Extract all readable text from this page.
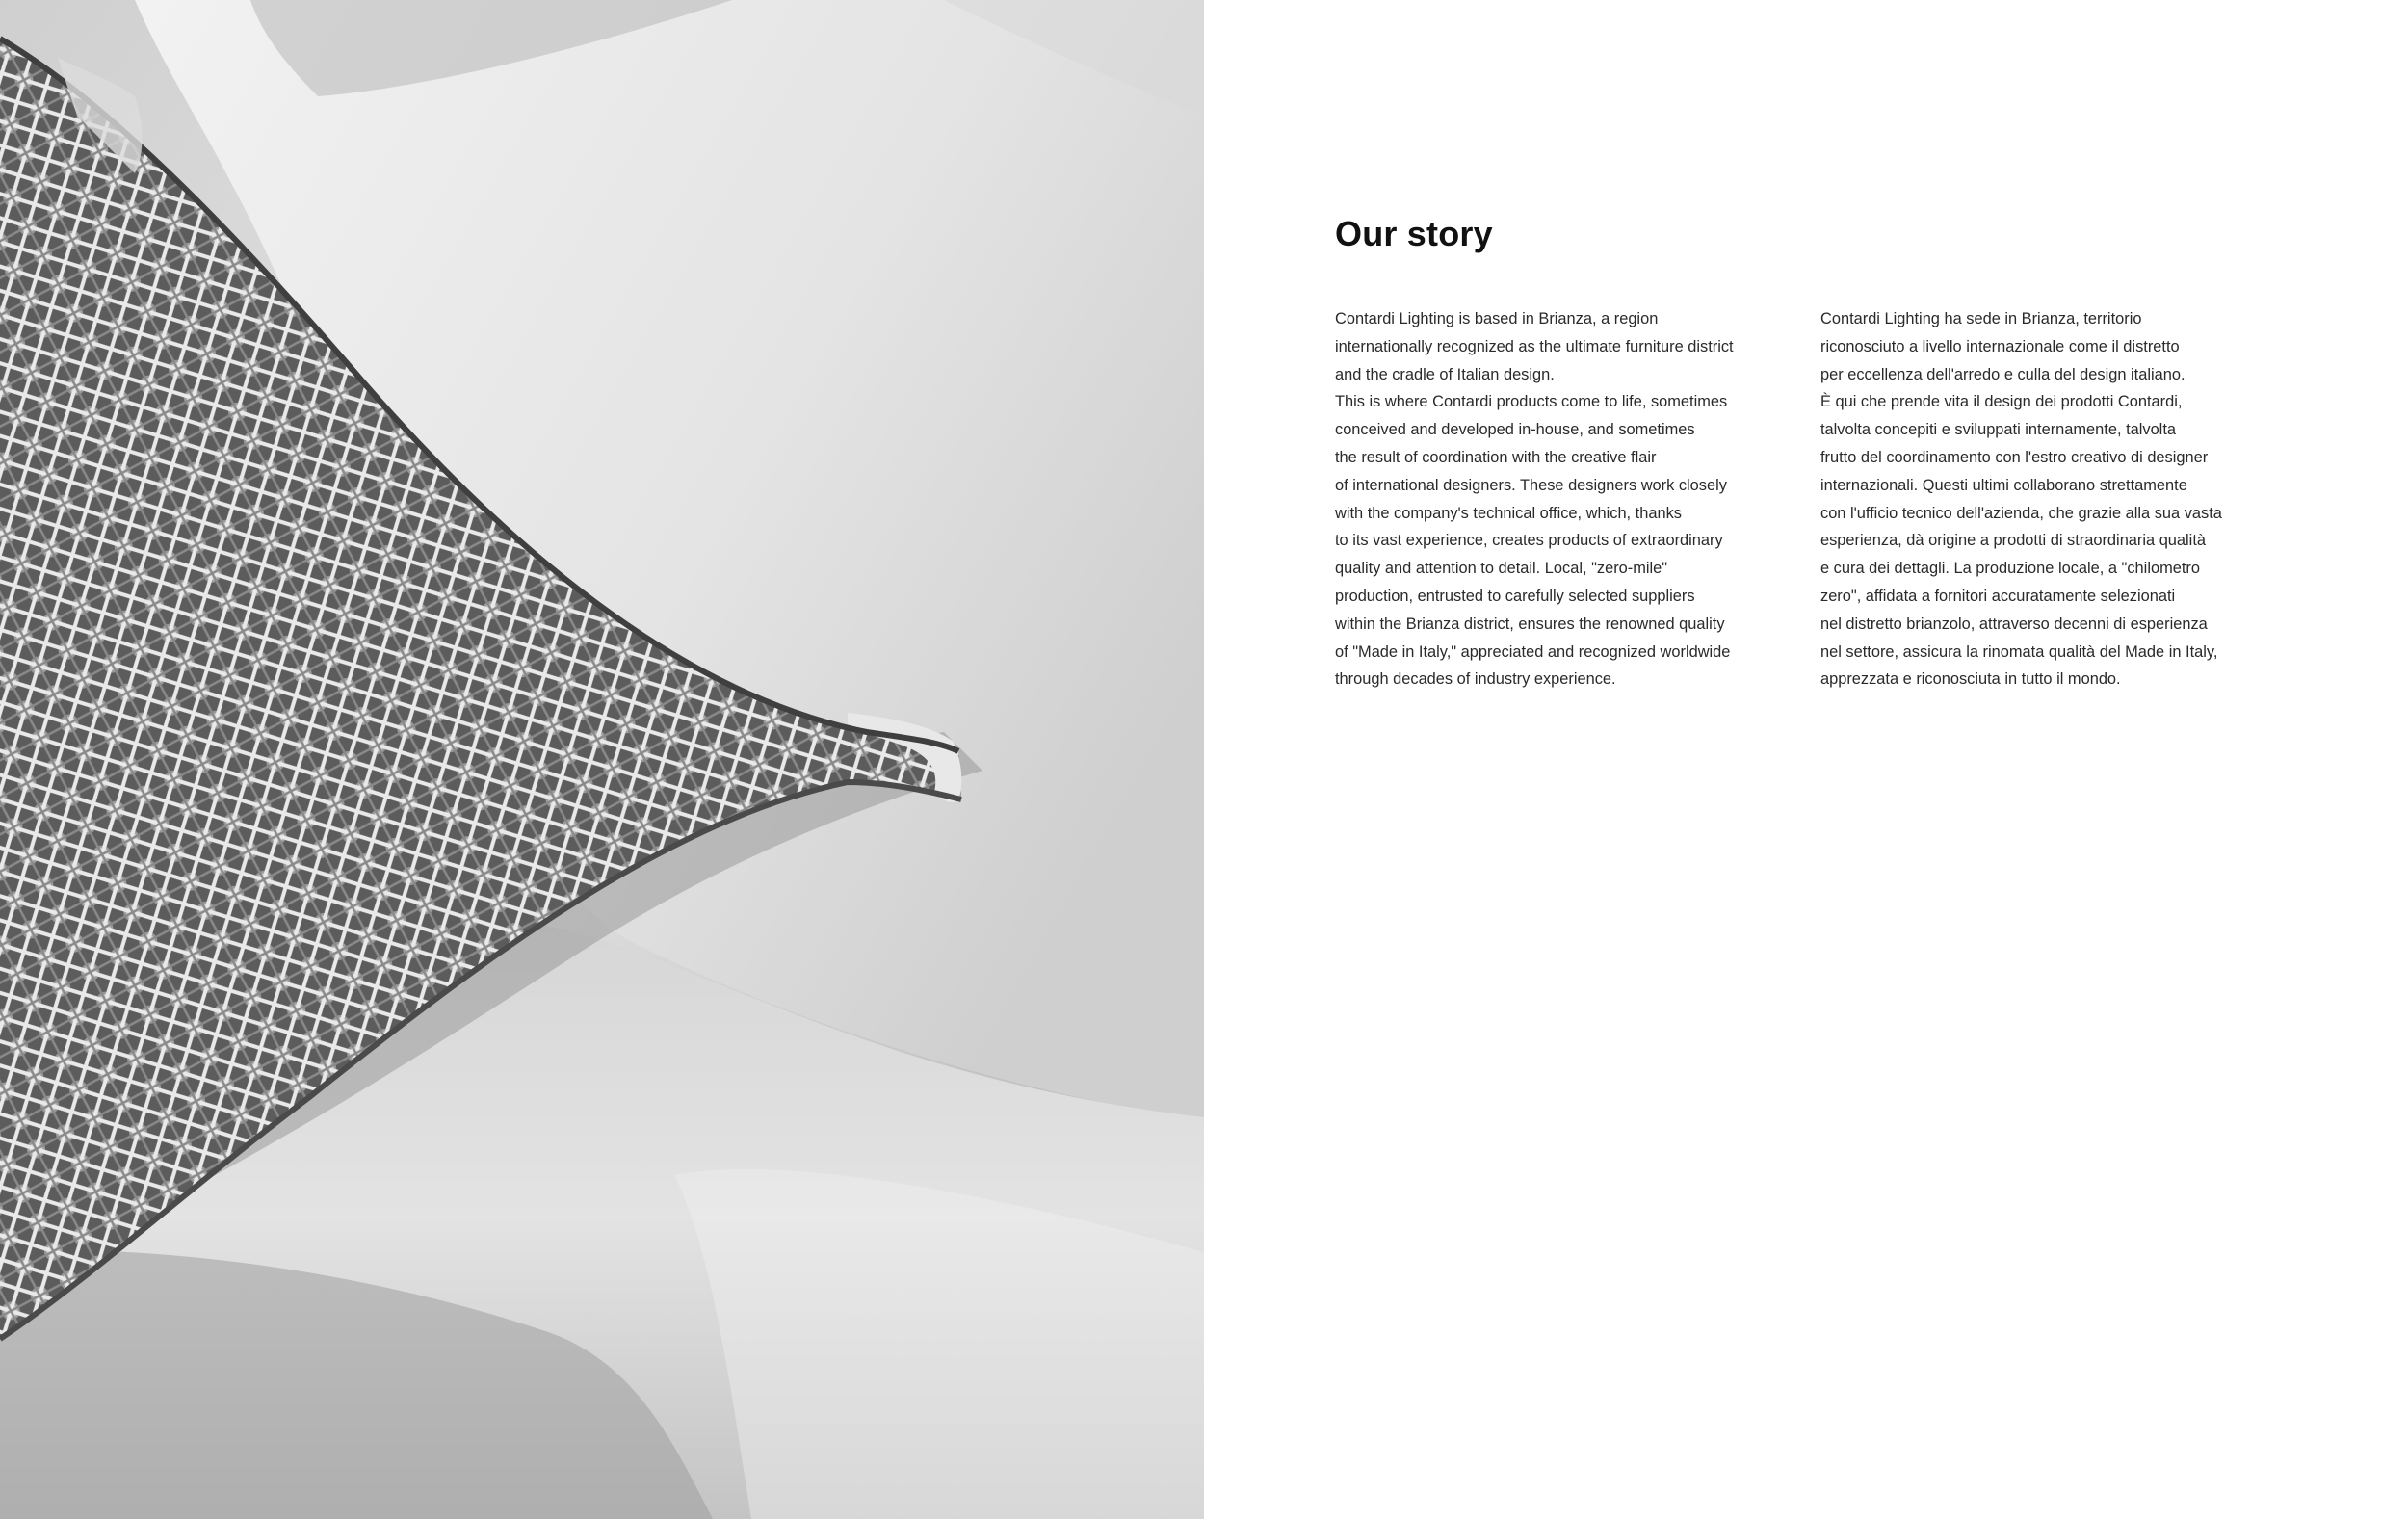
Our story
Contardi Lighting is based in Brianza, a region
internationally recognized as the ultimate furniture district
and the cradle of Italian design.
This is where Contardi products come to life, sometimes
conceived and developed in-house, and sometimes
the result of coordination with the creative flair
of international designers. These designers work closely
with the company's technical office, which, thanks
to its vast experience, creates products of extraordinary
quality and attention to detail. Local, "zero-mile"
production, entrusted to carefully selected suppliers
within the Brianza district, ensures the renowned quality
of "Made in Italy," appreciated and recognized worldwide
through decades of industry experience.
Contardi Lighting ha sede in Brianza, territorio
riconosciuto a livello internazionale come il distretto
per eccellenza dell'arredo e culla del design italiano.
È qui che prende vita il design dei prodotti Contardi,
talvolta concepiti e sviluppati internamente, talvolta
frutto del coordinamento con l'estro creativo di designer
internazionali. Questi ultimi collaborano strettamente
con l'ufficio tecnico dell'azienda, che grazie alla sua vasta
esperienza, dà origine a prodotti di straordinaria qualità
e cura dei dettagli. La produzione locale, a "chilometro
zero", affidata a fornitori accuratamente selezionati
nel distretto brianzolo, attraverso decenni di esperienza
nel settore, assicura la rinomata qualità del Made in Italy,
apprezzata e riconosciuta in tutto il mondo.
